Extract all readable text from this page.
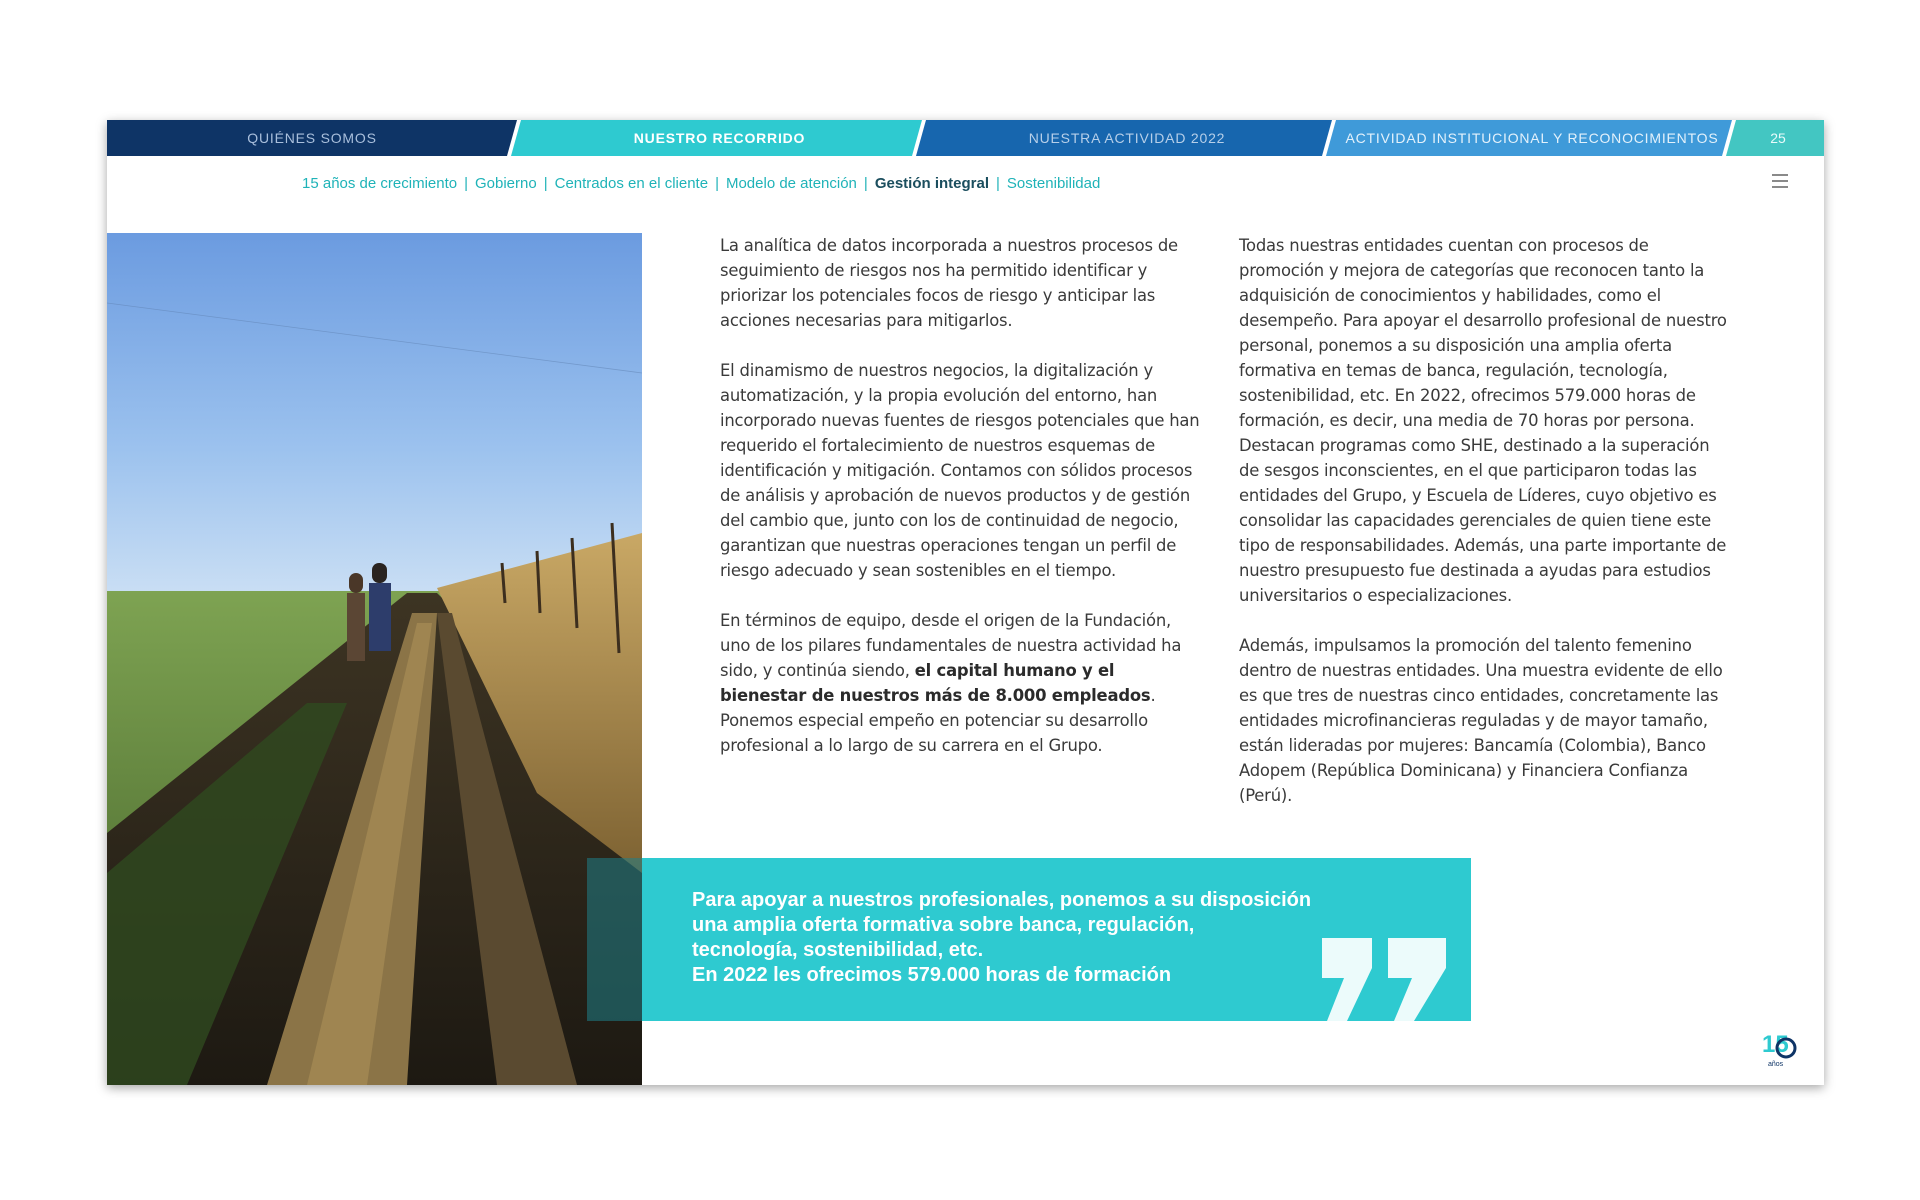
QUIÉNES SOMOS	NUESTRO RECORRIDO	NUESTRA ACTIVIDAD 2022	ACTIVIDAD INSTITUCIONAL Y RECONOCIMIENTOS	25
15 años de crecimiento | Gobierno | Centrados en el cliente | Modelo de atención | Gestión integral | Sostenibilidad

La analítica de datos incorporada a nuestros procesos de seguimiento de riesgos nos ha permitido identificar y priorizar los potenciales focos de riesgo y anticipar las acciones necesarias para mitigarlos.

El dinamismo de nuestros negocios, la digitalización y automatización, y la propia evolución del entorno, han incorporado nuevas fuentes de riesgos potenciales que han requerido el fortalecimiento de nuestros esquemas de identificación y mitigación. Contamos con sólidos procesos de análisis y aprobación de nuevos productos y de gestión del cambio que, junto con los de continuidad de negocio, garantizan que nuestras operaciones tengan un perfil de riesgo adecuado y sean sostenibles en el tiempo.

En términos de equipo, desde el origen de la Fundación, uno de los pilares fundamentales de nuestra actividad ha sido, y continúa siendo, el capital humano y el bienestar de nuestros más de 8.000 empleados. Ponemos especial empeño en potenciar su desarrollo profesional a lo largo de su carrera en el Grupo.

Todas nuestras entidades cuentan con procesos de promoción y mejora de categorías que reconocen tanto la adquisición de conocimientos y habilidades, como el desempeño. Para apoyar el desarrollo profesional de nuestro personal, ponemos a su disposición una amplia oferta formativa en temas de banca, regulación, tecnología, sostenibilidad, etc. En 2022, ofrecimos 579.000 horas de formación, es decir, una media de 70 horas por persona. Destacan programas como SHE, destinado a la superación de sesgos inconscientes, en el que participaron todas las entidades del Grupo, y Escuela de Líderes, cuyo objetivo es consolidar las capacidades gerenciales de quien tiene este tipo de responsabilidades. Además, una parte importante de nuestro presupuesto fue destinada a ayudas para estudios universitarios o especializaciones.

Además, impulsamos la promoción del talento femenino dentro de nuestras entidades. Una muestra evidente de ello es que tres de nuestras cinco entidades, concretamente las entidades microfinancieras reguladas y de mayor tamaño, están lideradas por mujeres: Bancamía (Colombia), Banco Adopem (República Dominicana) y Financiera Confianza (Perú).

Para apoyar a nuestros profesionales, ponemos a su disposición
una amplia oferta formativa sobre banca, regulación,
tecnología, sostenibilidad, etc.
En 2022 les ofrecimos 579.000 horas de formación
15
años
